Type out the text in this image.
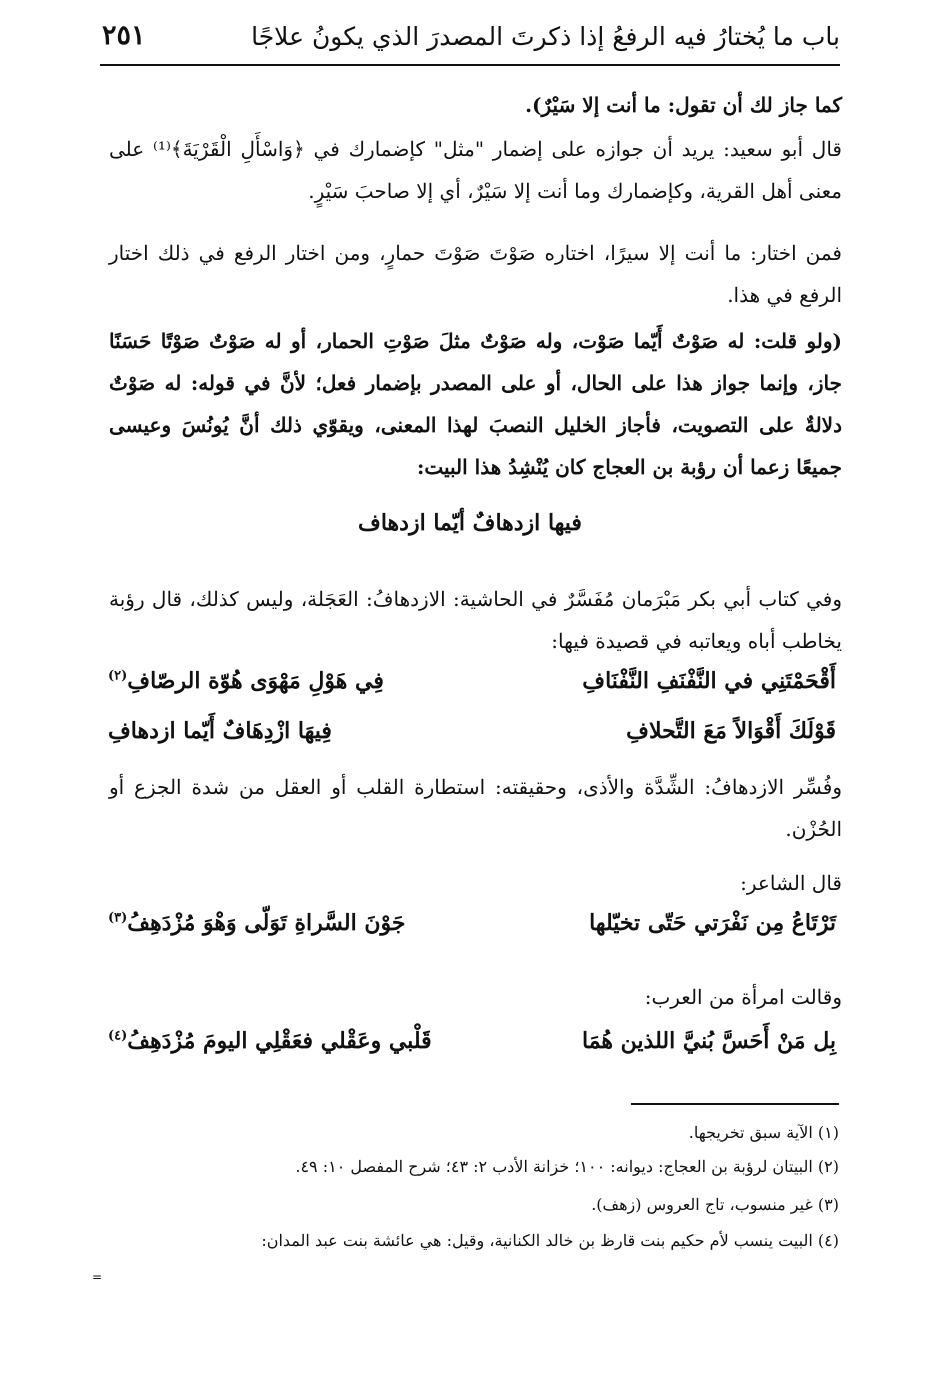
باب ما يُختارُ فيه الرفعُ إذا ذكرتَ المصدرَ الذي يكونُ علاجًا
٢٥١
كما جاز لك أن تقول: ما أنت إلا سَيْرٌ).
قال أبو سعيد: يريد أن جوازه على إضمار "مثل" كإضمارك في ﴿وَاسْأَلِ الْقَرْيَةَ﴾⁽¹⁾ على معنى أهل القرية، وكإضمارك وما أنت إلا سَيْرٌ، أي إلا صاحبَ سَيْرٍ.
فمن اختار: ما أنت إلا سيرًا، اختاره صَوْتَ صَوْتَ حمارٍ، ومن اختار الرفع في ذلك اختار الرفع في هذا.
(ولو قلت: له صَوْتٌ أَيّما صَوْت، وله صَوْتٌ مثلَ صَوْتِ الحمار، أو له صَوْتٌ صَوْتًا حَسَنًا جاز، وإنما جواز هذا على الحال، أو على المصدر بإضمار فعل؛ لأنَّ في قوله: له صَوْتٌ دلالةٌ على التصويت، فأجاز الخليل النصبَ لهذا المعنى، ويقوّي ذلك أنَّ يُونُسَ وعيسى جميعًا زعما أن رؤبة بن العجاج كان يُنْشِدُ هذا البيت:
فيها ازدهافٌ أيّما ازدهاف
وفي كتاب أبي بكر مَبْرَمان مُفَسَّرٌ في الحاشية: الازدهافُ: العَجَلة، وليس كذلك، قال رؤبة يخاطب أباه ويعاتبه في قصيدة فيها:
أَقْحَمْتَنِي في النَّفْنَفِ النَّفْنَافِ
فِي هَوْلِ مَهْوَى هُوّة الرصّافِ$^{(٢)}$
قَوْلَكَ أَقْوَالاً مَعَ التَّحلافِ
فِيهَا ازْدِهَافٌ أَيّما ازدهافِ
وفُسِّر الازدهافُ: الشِّدَّة والأذى، وحقيقته: استطارة القلب أو العقل من شدة الجزع أو الحُزْن.
قال الشاعر:
تَرْتَاعُ مِن نَفْرَتي حَتّى تخيّلها
جَوْنَ السَّراةِ تَوَلّى وَهْوَ مُزْدَهِفُ$^{(٣)}$
وقالت امرأة من العرب:
بِل مَنْ أَحَسَّ بُنيَّ اللذين هُمَا
قَلْبي وعَقْلي فعَقْلِي اليومَ مُزْدَهِفُ$^{(٤)}$
(١) الآية سبق تخريجها.
(٢) البيتان لرؤبة بن العجاج: ديوانه: ١٠٠؛ خزانة الأدب ٢: ٤٣؛ شرح المفصل ١٠: ٤٩.
(٣) غير منسوب، تاج العروس (زهف).
(٤) البيت ينسب لأم حكيم بنت قارظ بن خالد الكنانية، وقيل: هي عائشة بنت عبد المدان:
=
